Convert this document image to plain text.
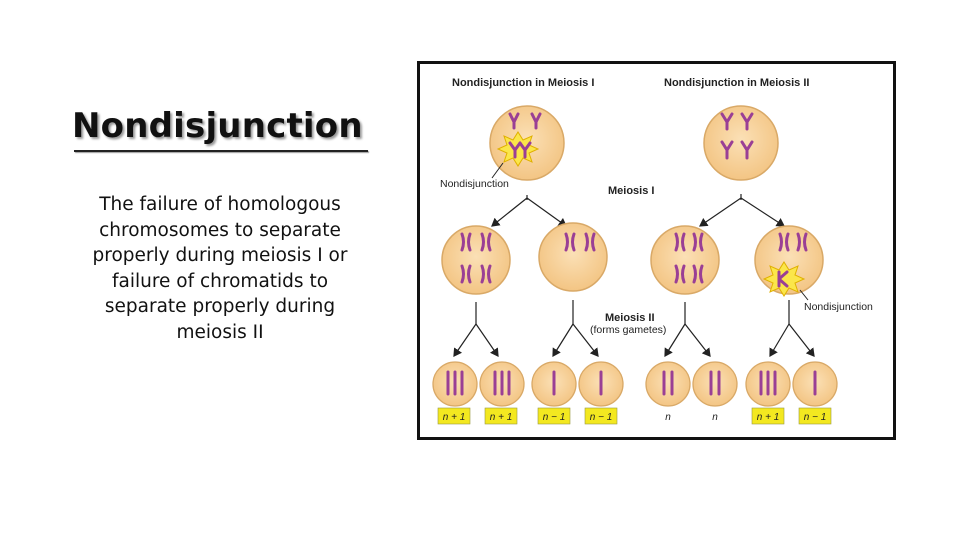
Nondisjunction
The failure of homologous chromosomes to separate properly during meiosis I or failure of chromatids to separate properly during meiosis II
Nondisjunction in Meiosis I	Nondisjunction in Meiosis II
Nondisjunction
Meiosis I
Nondisjunction
Meiosis II
(forms gametes)
n + 1 n + 1	n − 1 n − 1	n	n	n + 1 n − 1
